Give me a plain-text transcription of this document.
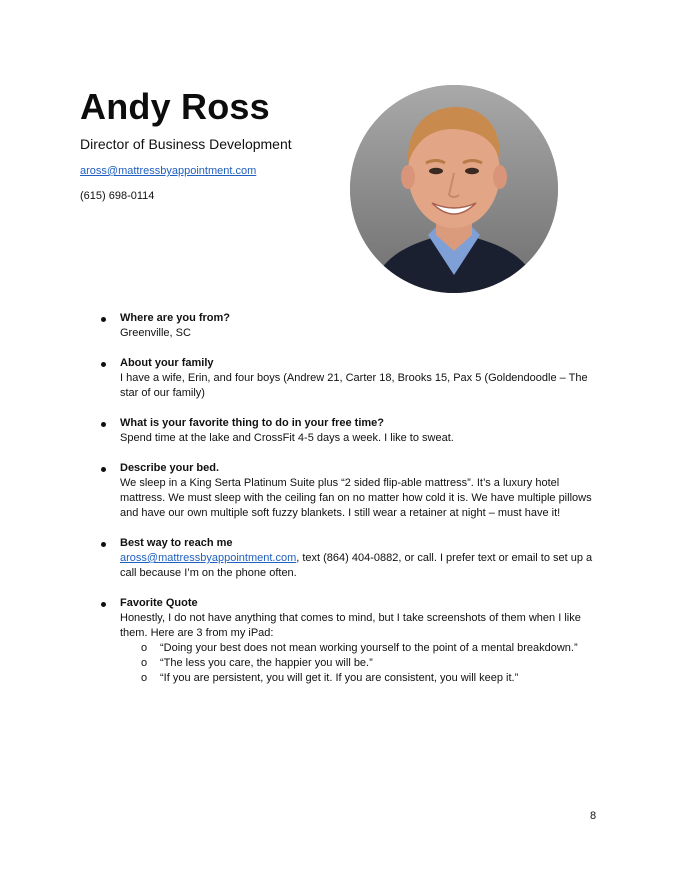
Andy Ross
Director of Business Development
aross@mattressbyappointment.com
(615) 698-0114
Where are you from?
Greenville, SC
About your family
I have a wife, Erin, and four boys (Andrew 21, Carter 18, Brooks 15, Pax 5 (Goldendoodle – The star of our family)
What is your favorite thing to do in your free time?
Spend time at the lake and CrossFit 4-5 days a week. I like to sweat.
Describe your bed.
We sleep in a King Serta Platinum Suite plus “2 sided flip-able mattress”. It’s a luxury hotel mattress. We must sleep with the ceiling fan on no matter how cold it is. We have multiple pillows and have our own multiple soft fuzzy blankets. I still wear a retainer at night – must have it!
Best way to reach me
aross@mattressbyappointment.com, text (864) 404-0882, or call. I prefer text or email to set up a call because I’m on the phone often.
Favorite Quote
Honestly, I do not have anything that comes to mind, but I take screenshots of them when I like them. Here are 3 from my iPad:
o “Doing your best does not mean working yourself to the point of a mental breakdown.”
o “The less you care, the happier you will be.”
o “If you are persistent, you will get it. If you are consistent, you will keep it.”
8
